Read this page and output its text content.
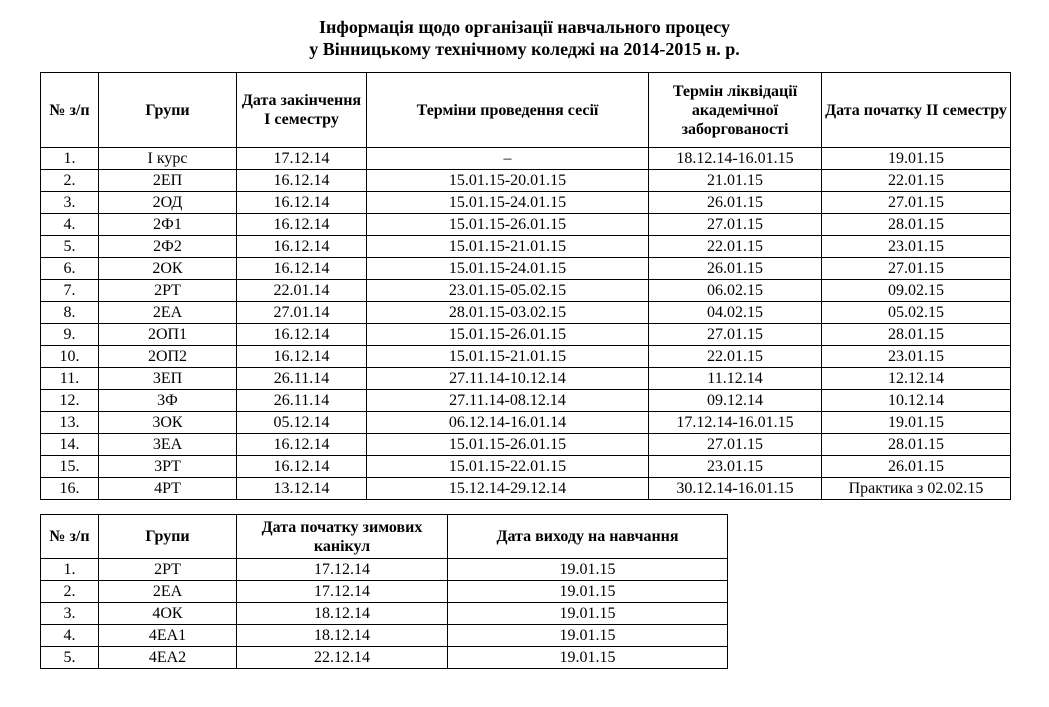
Інформація щодо організації навчального процесу
у Вінницькому технічному коледжі на 2014-2015 н. р.
№ з/п	Групи	Дата закінчення І семестру	Терміни проведення сесії	Термін ліквідації академічної заборгованості	Дата початку ІІ семестру
1.	І курс	17.12.14	–	18.12.14-16.01.15	19.01.15
2.	2ЕП	16.12.14	15.01.15-20.01.15	21.01.15	22.01.15
3.	2ОД	16.12.14	15.01.15-24.01.15	26.01.15	27.01.15
4.	2Ф1	16.12.14	15.01.15-26.01.15	27.01.15	28.01.15
5.	2Ф2	16.12.14	15.01.15-21.01.15	22.01.15	23.01.15
6.	2ОК	16.12.14	15.01.15-24.01.15	26.01.15	27.01.15
7.	2РТ	22.01.14	23.01.15-05.02.15	06.02.15	09.02.15
8.	2ЕА	27.01.14	28.01.15-03.02.15	04.02.15	05.02.15
9.	2ОП1	16.12.14	15.01.15-26.01.15	27.01.15	28.01.15
10.	2ОП2	16.12.14	15.01.15-21.01.15	22.01.15	23.01.15
11.	3ЕП	26.11.14	27.11.14-10.12.14	11.12.14	12.12.14
12.	3Ф	26.11.14	27.11.14-08.12.14	09.12.14	10.12.14
13.	3ОК	05.12.14	06.12.14-16.01.14	17.12.14-16.01.15	19.01.15
14.	3ЕА	16.12.14	15.01.15-26.01.15	27.01.15	28.01.15
15.	3РТ	16.12.14	15.01.15-22.01.15	23.01.15	26.01.15
16.	4РТ	13.12.14	15.12.14-29.12.14	30.12.14-16.01.15	Практика з 02.02.15
№ з/п	Групи	Дата початку зимових канікул	Дата виходу на навчання
1.	2РТ	17.12.14	19.01.15
2.	2ЕА	17.12.14	19.01.15
3.	4ОК	18.12.14	19.01.15
4.	4ЕА1	18.12.14	19.01.15
5.	4ЕА2	22.12.14	19.01.15
